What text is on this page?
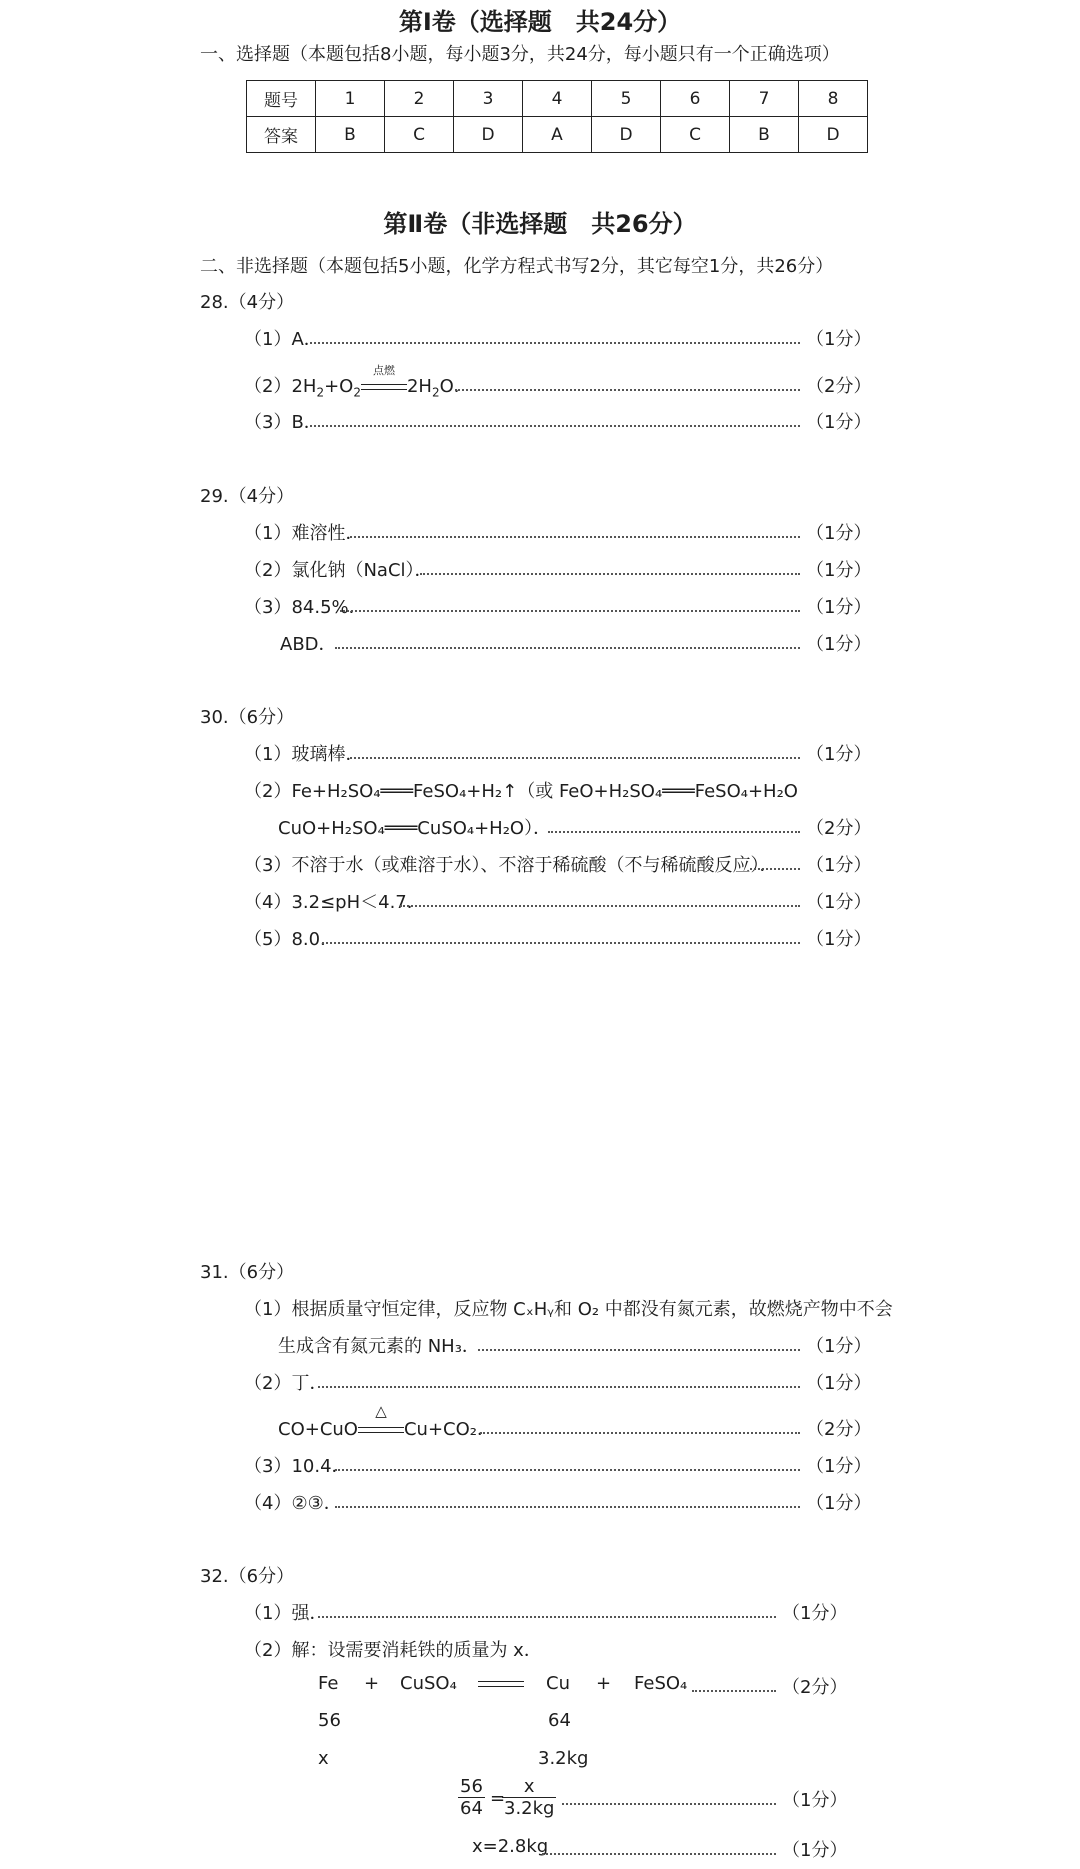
第Ⅰ卷（选择题　共24分）
一、选择题（本题包括8小题，每小题3分，共24分，每小题只有一个正确选项）
题号	1	2	3	4	5	6	7	8
答案	B	C	D	A	D	C	B	D
第Ⅱ卷（非选择题　共26分）
二、非选择题（本题包括5小题，化学方程式书写2分，其它每空1分，共26分）
28.（4分）
（1）A．	（1分）
$(2)2H_2+O_2$
点燃
$2H_2O$．	（2分）
（3）B．	（1分）
29.（4分）
（1）难溶性．	（1分）
（2）氯化钠（NaCl）．	（1分）
（3）84.5%．	（1分）
ABD．	（1分）
30.（6分）
（1）玻璃棒．	（1分）
（2）Fe+H₂SO₄═══FeSO₄+H₂↑（或 FeO+H₂SO₄═══FeSO₄+H₂O
CuO+H₂SO₄═══CuSO₄+H₂O）．	（2分）
（3）不溶于水（或难溶于水）、不溶于稀硫酸（不与稀硫酸反应）． （1分）
（4）3.2≤pH＜4.7．	（1分）
（5）8.0．	（1分）
31.（6分）
（1）根据质量守恒定律，反应物 CₓHᵧ和 O₂ 中都没有氮元素，故燃烧产物中不会
生成含有氮元素的 NH₃．	（1分）
（2）丁．	（1分）
CO+CuO
△
Cu+CO₂．	（2分）
（3）10.4．	（1分）
（4）②③．	（1分）
32.（6分）
（1）强．	（1分）
（2）解：设需要消耗铁的质量为 x．
Fe + CuSO₄	Cu + FeSO₄	（2分）
56	64
x	3.2kg
$\frac{56}{64}$ =
$\frac{x}{3.2kg}$	（1分）
x=2.8kg	（1分）
